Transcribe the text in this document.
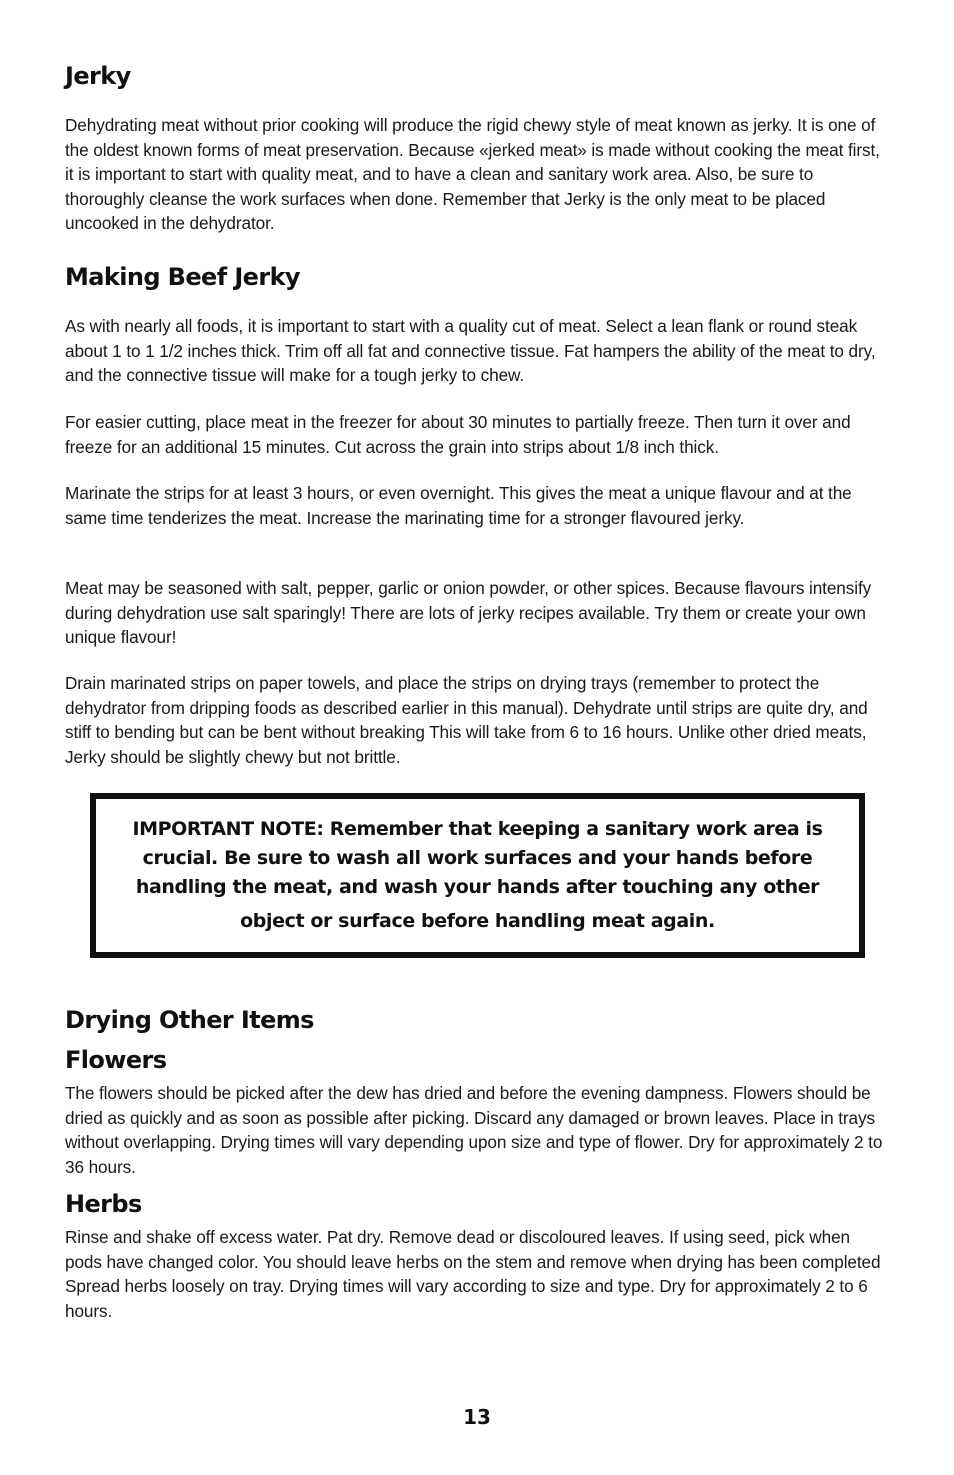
Jerky

Dehydrating meat without prior cooking will produce the rigid chewy style of meat known as jerky. It is one of the oldest known forms of meat preservation. Because «jerked meat» is made without cooking the meat first, it is important to start with quality meat, and to have a clean and sanitary work area. Also, be sure to thoroughly cleanse the work surfaces when done. Remember that Jerky is the only meat to be placed uncooked in the dehydrator.

Making Beef Jerky

As with nearly all foods, it is important to start with a quality cut of meat. Select a lean flank or round steak about 1 to 1 1/2 inches thick. Trim off all fat and connective tissue. Fat hampers the ability of the meat to dry, and the connective tissue will make for a tough jerky to chew.

For easier cutting, place meat in the freezer for about 30 minutes to partially freeze. Then turn it over and freeze for an additional 15 minutes. Cut across the grain into strips about 1/8 inch thick.

Marinate the strips for at least 3 hours, or even overnight. This gives the meat a unique flavour and at the same time tenderizes the meat. Increase the marinating time for a stronger flavoured jerky.

Meat may be seasoned with salt, pepper, garlic or onion powder, or other spices. Because flavours intensify during dehydration use salt sparingly! There are lots of jerky recipes available. Try them or create your own unique flavour!

Drain marinated strips on paper towels, and place the strips on drying trays (remember to protect the dehydrator from dripping foods as described earlier in this manual). Dehydrate until strips are quite dry, and stiff to bending but can be bent without breaking This will take from 6 to 16 hours. Unlike other dried meats, Jerky should be slightly chewy but not brittle.

Drying Other Items
Flowers

The flowers should be picked after the dew has dried and before the evening dampness. Flowers should be dried as quickly and as soon as possible after picking. Discard any damaged or brown leaves. Place in trays without overlapping. Drying times will vary depending upon size and type of flower. Dry for approximately 2 to 36 hours.

Herbs

Rinse and shake off excess water. Pat dry. Remove dead or discoloured leaves. If using seed, pick when pods have changed color. You should leave herbs on the stem and remove when drying has been completed Spread herbs loosely on tray. Drying times will vary according to size and type. Dry for approximately 2 to 6 hours.

IMPORTANT NOTE: Remember that keeping a sanitary work area is crucial. Be sure to wash all work surfaces and your hands before handling the meat, and wash your hands after touching any other
object or surface before handling meat again.
13
